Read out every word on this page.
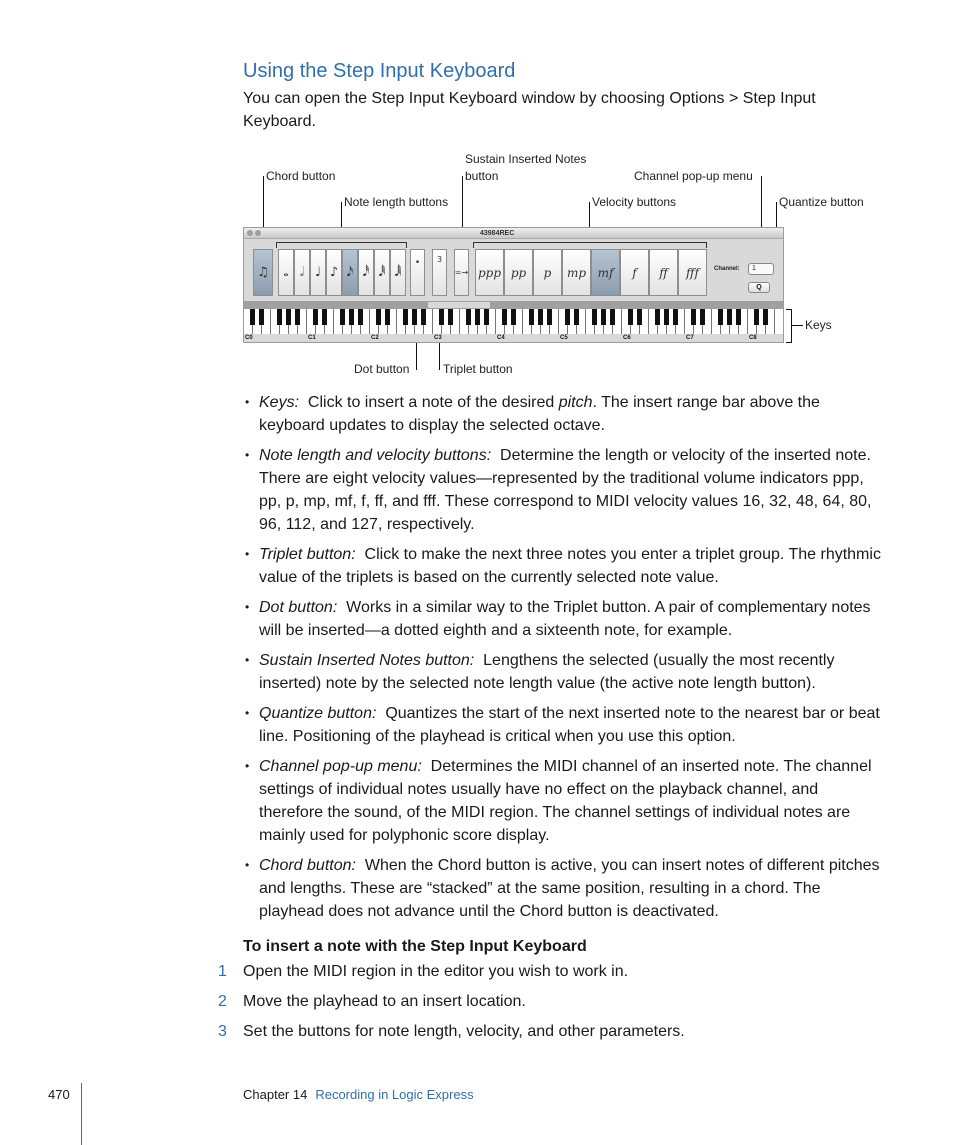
Using the Step Input Keyboard

You can open the Step Input Keyboard window by choosing Options > Step Input Keyboard.

Chord button
Note length buttons
Sustain Inserted Notes
button
Velocity buttons
Channel pop-up menu
Quantize button
Keys
Dot button	Triplet button
43984REC
♫ 𝅝 𝅗𝅥 ♩ ♪ 𝅘𝅥𝅯 𝅘𝅥𝅰 𝅘𝅥𝅱 𝅘𝅥𝅲
• 3
=→ ppp pp	p	mp mf	f	ff	fff	Channel:	1
Q
C0	C1	C2	C3	C4	C5	C6	C7	C8
• Keys: Click to insert a note of the desired pitch. The insert range bar above the keyboard updates to display the selected octave.
• Note length and velocity buttons: Determine the length or velocity of the inserted note. There are eight velocity values—represented by the traditional volume indicators ppp, pp, p, mp, mf, f, ff, and fff. These correspond to MIDI velocity values 16, 32, 48, 64, 80, 96, 112, and 127, respectively.
• Triplet button: Click to make the next three notes you enter a triplet group. The rhythmic value of the triplets is based on the currently selected note value.
• Dot button: Works in a similar way to the Triplet button. A pair of complementary notes will be inserted—a dotted eighth and a sixteenth note, for example.
• Sustain Inserted Notes button: Lengthens the selected (usually the most recently inserted) note by the selected note length value (the active note length button).
• Quantize button: Quantizes the start of the next inserted note to the nearest bar or beat line. Positioning of the playhead is critical when you use this option.
• Channel pop-up menu: Determines the MIDI channel of an inserted note. The channel settings of individual notes usually have no effect on the playback channel, and therefore the sound, of the MIDI region. The channel settings of individual notes are mainly used for polyphonic score display.
• Chord button: When the Chord button is active, you can insert notes of different pitches and lengths. These are “stacked” at the same position, resulting in a chord. The playhead does not advance until the Chord button is deactivated.
To insert a note with the Step Input Keyboard
1 Open the MIDI region in the editor you wish to work in.
2 Move the playhead to an insert location.
3 Set the buttons for note length, velocity, and other parameters.
470	Chapter 14 Recording in Logic Express
